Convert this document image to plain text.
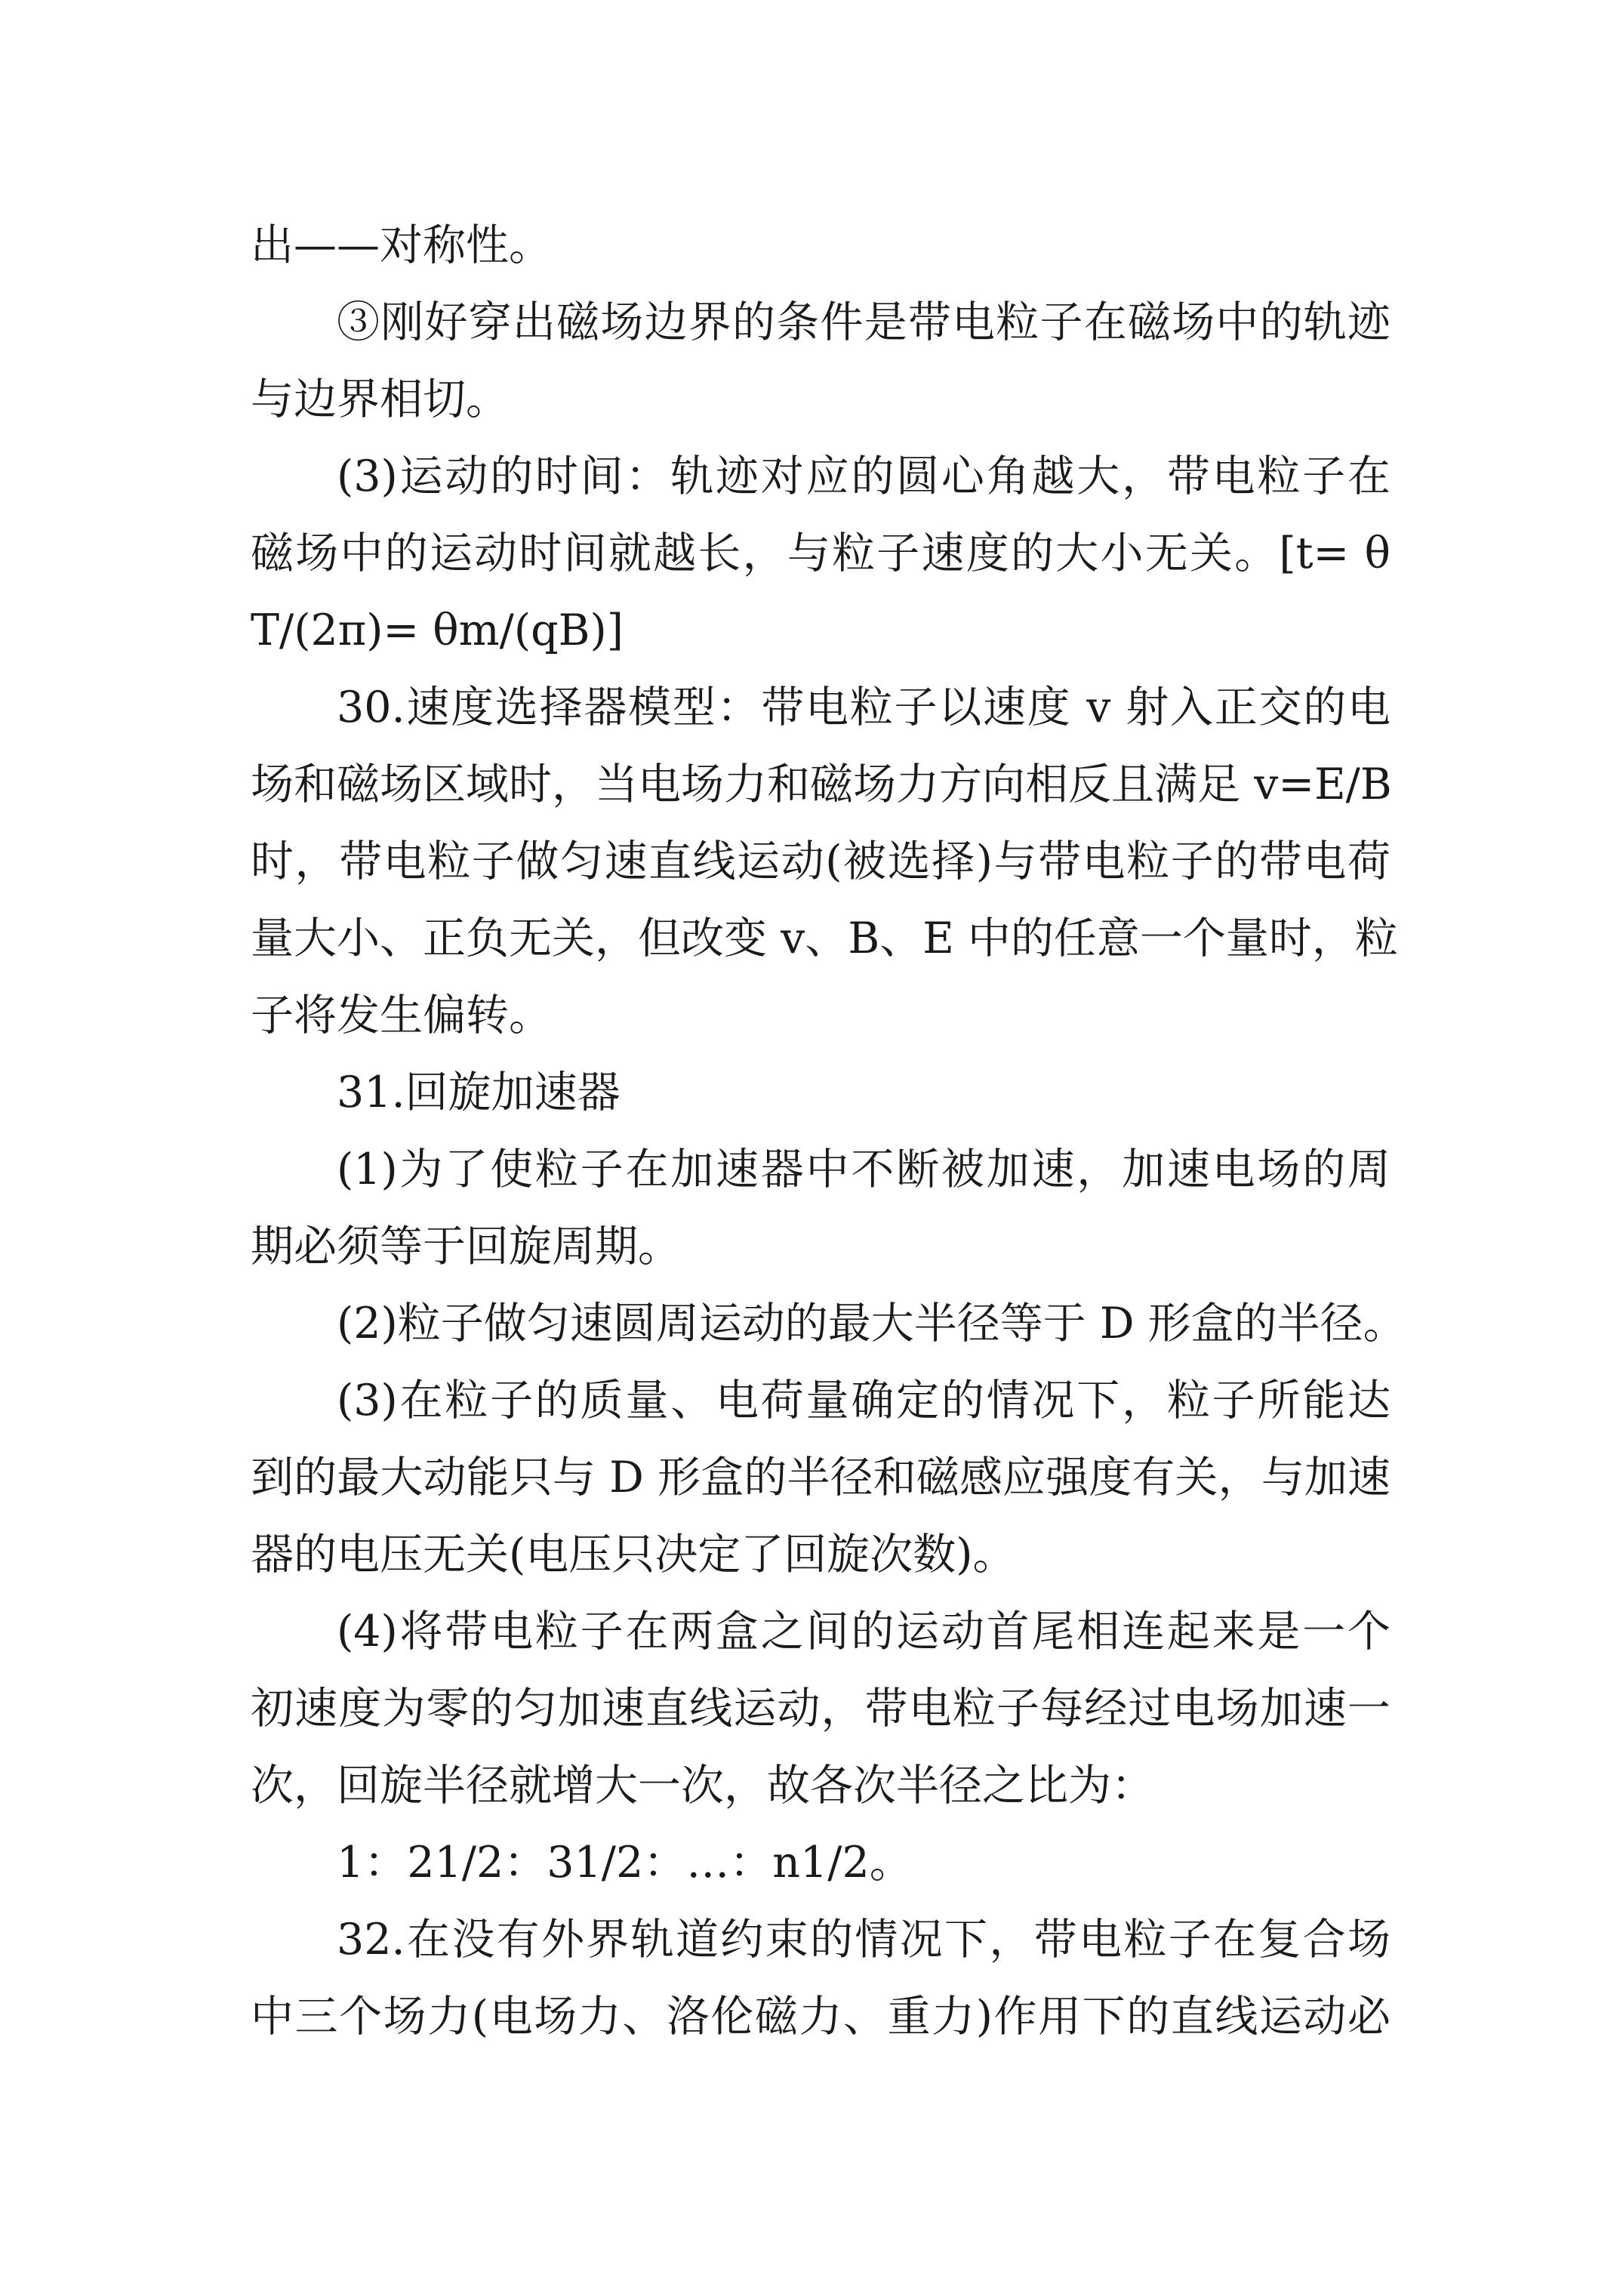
出——对称性。
③刚好穿出磁场边界的条件是带电粒子在磁场中的轨迹
与边界相切。
(3)运动的时间：轨迹对应的圆心角越大，带电粒子在
磁场中的运动时间就越长，与粒子速度的大小无关。[t= θ
T/(2π)= θm/(qB)]
30.速度选择器模型：带电粒子以速度 v 射入正交的电
场和磁场区域时，当电场力和磁场力方向相反且满足 v=E/B
时，带电粒子做匀速直线运动(被选择)与带电粒子的带电荷
量大小、正负无关，但改变 v、B、E 中的任意一个量时，粒
子将发生偏转。
31.回旋加速器
(1)为了使粒子在加速器中不断被加速，加速电场的周
期必须等于回旋周期。
(2)粒子做匀速圆周运动的最大半径等于 D 形盒的半径。
(3)在粒子的质量、电荷量确定的情况下，粒子所能达
到的最大动能只与 D 形盒的半径和磁感应强度有关，与加速
器的电压无关(电压只决定了回旋次数)。
(4)将带电粒子在两盒之间的运动首尾相连起来是一个
初速度为零的匀加速直线运动，带电粒子每经过电场加速一
次，回旋半径就增大一次，故各次半径之比为：
1：21/2：31/2：…：n1/2。
32.在没有外界轨道约束的情况下，带电粒子在复合场
中三个场力(电场力、洛伦磁力、重力)作用下的直线运动必
